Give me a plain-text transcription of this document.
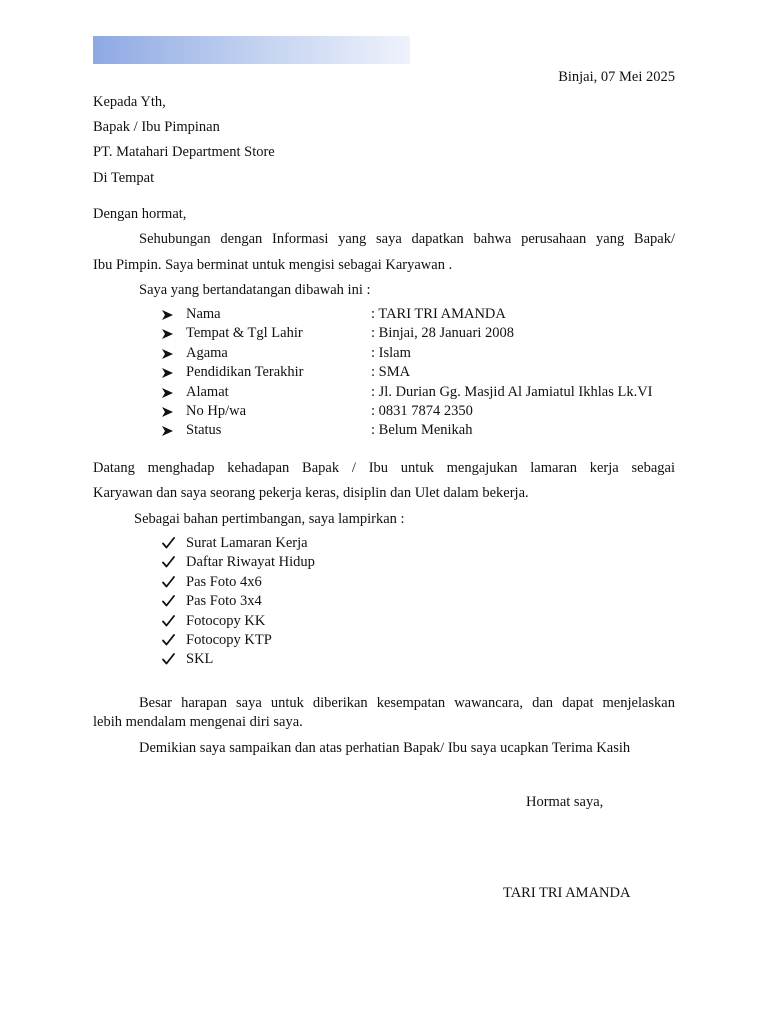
Binjai, 07 Mei 2025
Kepada Yth,
Bapak / Ibu Pimpinan
PT. Matahari Department Store
Di Tempat
Dengan hormat,
Sehubungan dengan Informasi yang saya dapatkan bahwa perusahaan yang Bapak/
Ibu Pimpin. Saya berminat untuk mengisi sebagai Karyawan .
Saya yang bertandatangan dibawah ini :
Nama	: TARI TRI AMANDA
Tempat & Tgl Lahir	: Binjai, 28 Januari 2008
Agama	: Islam
Pendidikan Terakhir	: SMA
Alamat	: Jl. Durian Gg. Masjid Al Jamiatul Ikhlas Lk.VI
No Hp/wa	: 0831 7874 2350
Status	: Belum Menikah
Datang menghadap kehadapan Bapak / Ibu untuk mengajukan lamaran kerja sebagai
Karyawan dan saya seorang pekerja keras, disiplin dan Ulet dalam bekerja.
Sebagai bahan pertimbangan, saya lampirkan :
Surat Lamaran Kerja
Daftar Riwayat Hidup
Pas Foto 4x6
Pas Foto 3x4
Fotocopy KK
Fotocopy KTP
SKL
Besar harapan saya untuk diberikan kesempatan wawancara, dan dapat menjelaskan
lebih mendalam mengenai diri saya.
Demikian saya sampaikan dan atas perhatian Bapak/ Ibu saya ucapkan Terima Kasih
Hormat saya,
TARI TRI AMANDA
